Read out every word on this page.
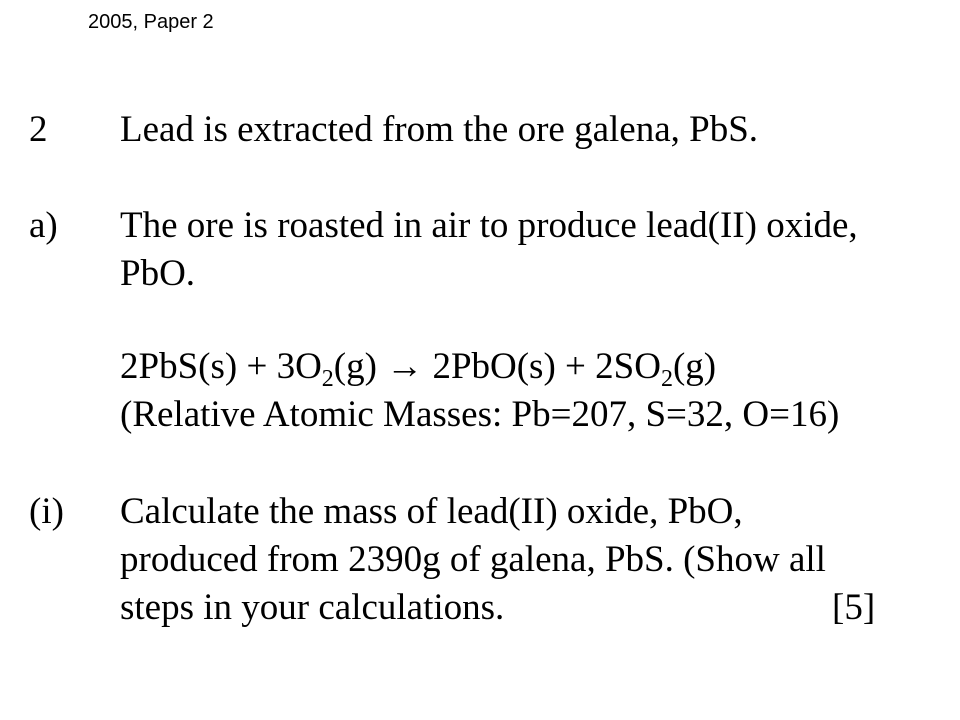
2005, Paper 2
2 Lead is extracted from the ore galena, PbS.
a) The ore is roasted in air to produce lead(II) oxide,
PbO.
$2PbS(s) + 3O_2(g) \to 2PbO(s) + 2SO_2(g)$
(Relative Atomic Masses: Pb=207, S=32, O=16)
(i) Calculate the mass of lead(II) oxide, PbO,
produced from 2390g of galena, PbS. (Show all
steps in your calculations.	[5]
